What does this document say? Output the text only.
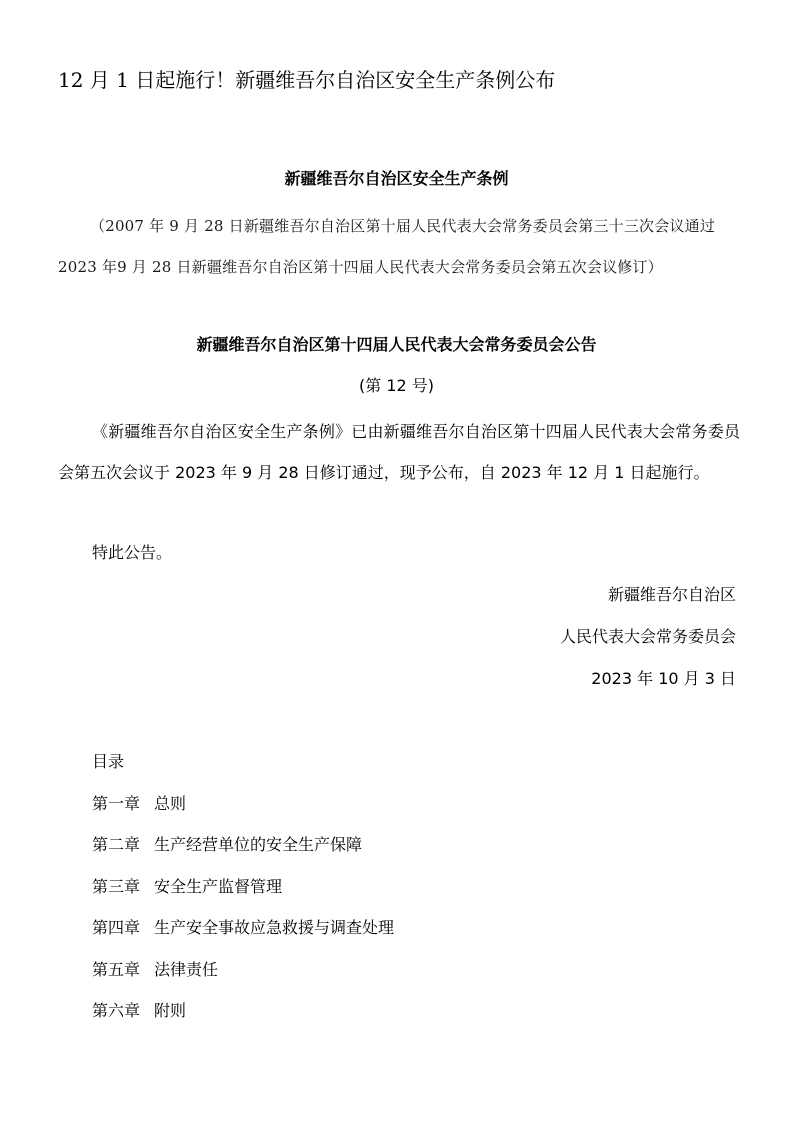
12 月 1 日起施行！新疆维吾尔自治区安全生产条例公布
新疆维吾尔自治区安全生产条例
（2007 年 9 月 28 日新疆维吾尔自治区第十届人民代表大会常务委员会第三十三次会议通过 2023 年9 月 28 日新疆维吾尔自治区第十四届人民代表大会常务委员会第五次会议修订）
新疆维吾尔自治区第十四届人民代表大会常务委员会公告
(第 12 号)
《新疆维吾尔自治区安全生产条例》已由新疆维吾尔自治区第十四届人民代表大会常务委员会第五次会议于 2023 年 9 月 28 日修订通过，现予公布，自 2023 年 12 月 1 日起施行。
特此公告。
新疆维吾尔自治区
人民代表大会常务委员会
2023 年 10 月 3 日
目录
第一章 总则
第二章 生产经营单位的安全生产保障
第三章 安全生产监督管理
第四章 生产安全事故应急救援与调查处理
第五章 法律责任
第六章 附则
